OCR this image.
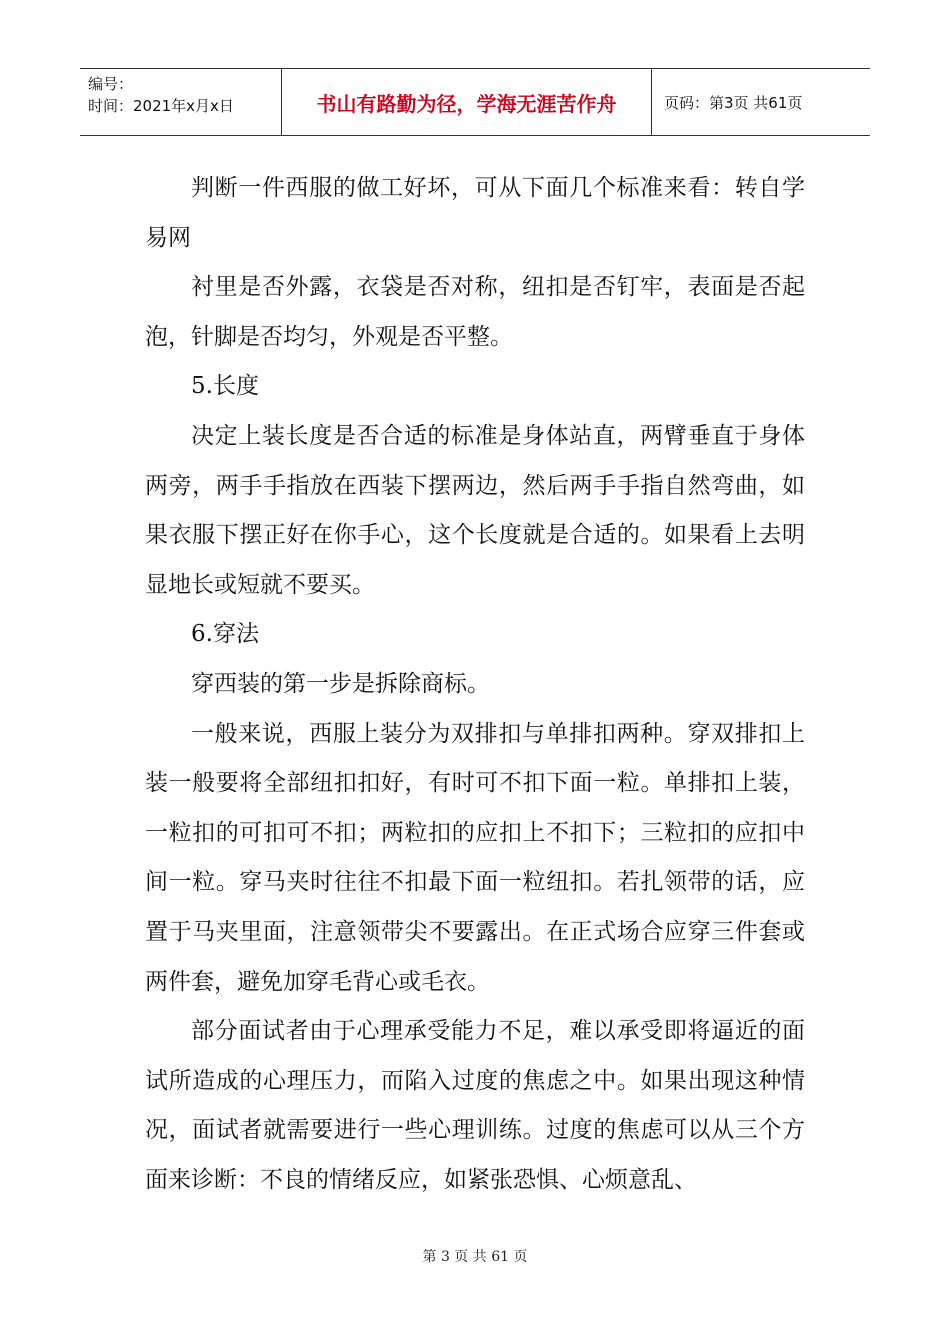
编号：
时间：2021年x月x日	书山有路勤为径，学海无涯苦作舟	页码：第3页 共61页

判断一件西服的做工好坏，可从下面几个标准来看：转自学易网

衬里是否外露，衣袋是否对称，纽扣是否钉牢，表面是否起泡，针脚是否均匀，外观是否平整。

5.长度

决定上装长度是否合适的标准是身体站直，两臂垂直于身体两旁，两手手指放在西装下摆两边，然后两手手指自然弯曲，如果衣服下摆正好在你手心，这个长度就是合适的。如果看上去明显地长或短就不要买。

6.穿法

穿西装的第一步是拆除商标。

一般来说，西服上装分为双排扣与单排扣两种。穿双排扣上装一般要将全部纽扣扣好，有时可不扣下面一粒。单排扣上装，一粒扣的可扣可不扣；两粒扣的应扣上不扣下；三粒扣的应扣中间一粒。穿马夹时往往不扣最下面一粒纽扣。若扎领带的话，应置于马夹里面，注意领带尖不要露出。在正式场合应穿三件套或两件套，避免加穿毛背心或毛衣。

部分面试者由于心理承受能力不足，难以承受即将逼近的面试所造成的心理压力，而陷入过度的焦虑之中。如果出现这种情况，面试者就需要进行一些心理训练。过度的焦虑可以从三个方面来诊断：不良的情绪反应，如紧张恐惧、心烦意乱、

第 3 页 共 61 页
